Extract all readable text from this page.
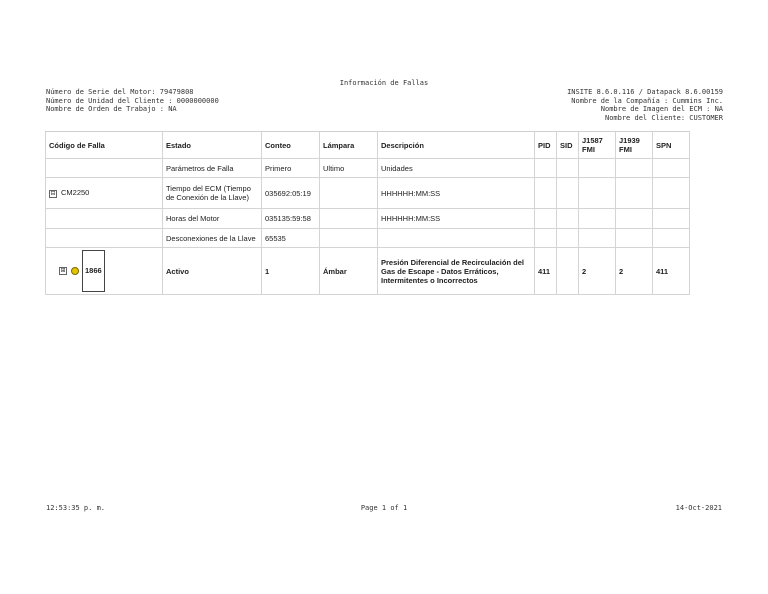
Información de Fallas
Número de Serie del Motor: 79479808
Número de Unidad del Cliente : 0000000000
Nombre de Orden de Trabajo : NA
INSITE 8.6.0.116 / Datapack 8.6.00159
Nombre de la Compañía : Cummins Inc.
Nombre de Imagen del ECM : NA
Nombre del Cliente: CUSTOMER
Código de Falla	Estado	Conteo	Lámpara	Descripción	PID	SID	J1587 FMI	J1939 FMI	SPN
	Parámetros de Falla	Primero	Ultimo	Unidades					
⊟ CM2250	Tiempo del ECM (Tiempo de Conexión de la Llave)	035692:05:19		HHHHHH:MM:SS					
	Horas del Motor	035135:59:58		HHHHHH:MM:SS					
	Desconexiones de la Llave	65535							
⊞ 1866	Activo	1	Ámbar	Presión Diferencial de Recirculación del Gas de Escape - Datos Erráticos, Intermitentes o Incorrectos	411		2	2	411
12:53:35 p. m.	Page 1 of 1	14-Oct-2021
